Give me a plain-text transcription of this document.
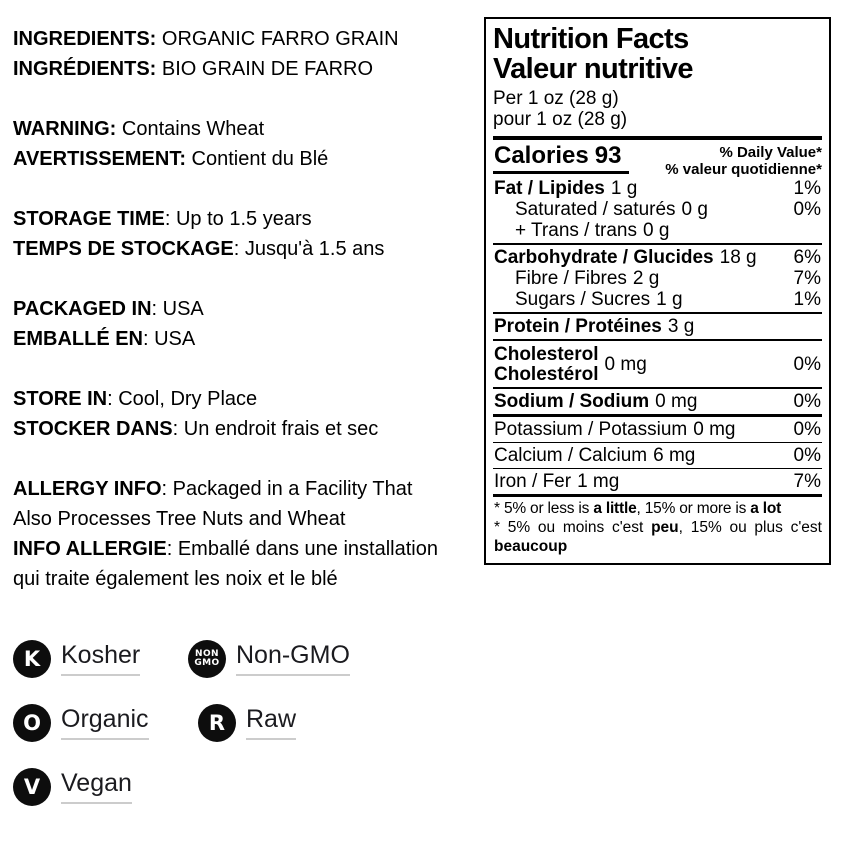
INGREDIENTS: ORGANIC FARRO GRAIN
INGRÉDIENTS: BIO GRAIN DE FARRO

WARNING: Contains Wheat
AVERTISSEMENT: Contient du Blé

STORAGE TIME: Up to 1.5 years
TEMPS DE STOCKAGE: Jusqu'à 1.5 ans

PACKAGED IN: USA
EMBALLÉ EN: USA

STORE IN: Cool, Dry Place
STOCKER DANS: Un endroit frais et sec

ALLERGY INFO: Packaged in a Facility That
Also Processes Tree Nuts and Wheat
INFO ALLERGIE: Emballé dans une installation
qui traite également les noix et le blé

Nutrition Facts
Valeur nutritive
Per 1 oz (28 g)
pour 1 oz (28 g)
Calories 93	% Daily Value*
% valeur quotidienne*
Fat / Lipides 1 g	1%
Saturated / saturés 0 g	0%
+ Trans / trans 0 g
Carbohydrate / Glucides 18 g 6%
Fibre / Fibres 2 g	7%
Sugars / Sucres 1 g	1%
Protein / Protéines 3 g
Cholesterol
Cholestérol 0 mg	0%
Sodium / Sodium 0 mg	0%
Potassium / Potassium 0 mg	0%
Calcium / Calcium 6 mg	0%
Iron / Fer 1 mg	7%
* 5% or less is a little, 15% or more is a lot
* 5% ou moins c'est peu, 15% ou plus c'est beaucoup
K Kosher	NON
GMO Non-GMO
O Organic	R Raw
V Vegan
